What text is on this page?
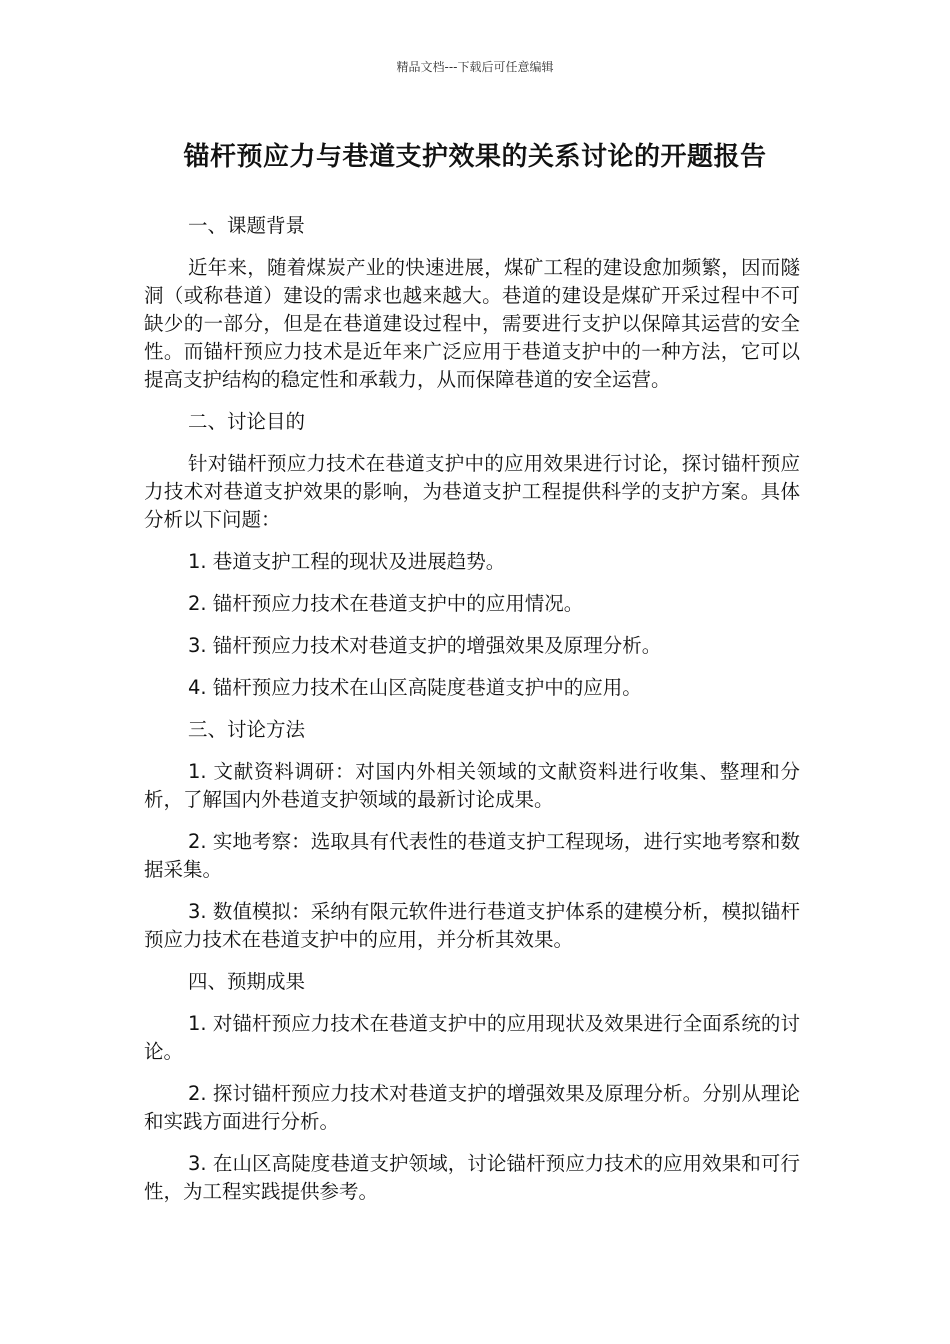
精品文档---下载后可任意编辑
锚杆预应力与巷道支护效果的关系讨论的开题报告
一、课题背景
近年来，随着煤炭产业的快速进展，煤矿工程的建设愈加频繁，因而隧洞（或称巷道）建设的需求也越来越大。巷道的建设是煤矿开采过程中不可缺少的一部分，但是在巷道建设过程中，需要进行支护以保障其运营的安全性。而锚杆预应力技术是近年来广泛应用于巷道支护中的一种方法，它可以提高支护结构的稳定性和承载力，从而保障巷道的安全运营。
二、讨论目的
针对锚杆预应力技术在巷道支护中的应用效果进行讨论，探讨锚杆预应力技术对巷道支护效果的影响，为巷道支护工程提供科学的支护方案。具体分析以下问题：
1. 巷道支护工程的现状及进展趋势。
2. 锚杆预应力技术在巷道支护中的应用情况。
3. 锚杆预应力技术对巷道支护的增强效果及原理分析。
4. 锚杆预应力技术在山区高陡度巷道支护中的应用。
三、讨论方法
1. 文献资料调研：对国内外相关领域的文献资料进行收集、整理和分析，了解国内外巷道支护领域的最新讨论成果。
2. 实地考察：选取具有代表性的巷道支护工程现场，进行实地考察和数据采集。
3. 数值模拟：采纳有限元软件进行巷道支护体系的建模分析，模拟锚杆预应力技术在巷道支护中的应用，并分析其效果。
四、预期成果
1. 对锚杆预应力技术在巷道支护中的应用现状及效果进行全面系统的讨论。
2. 探讨锚杆预应力技术对巷道支护的增强效果及原理分析。分别从理论和实践方面进行分析。
3. 在山区高陡度巷道支护领域，讨论锚杆预应力技术的应用效果和可行性，为工程实践提供参考。
